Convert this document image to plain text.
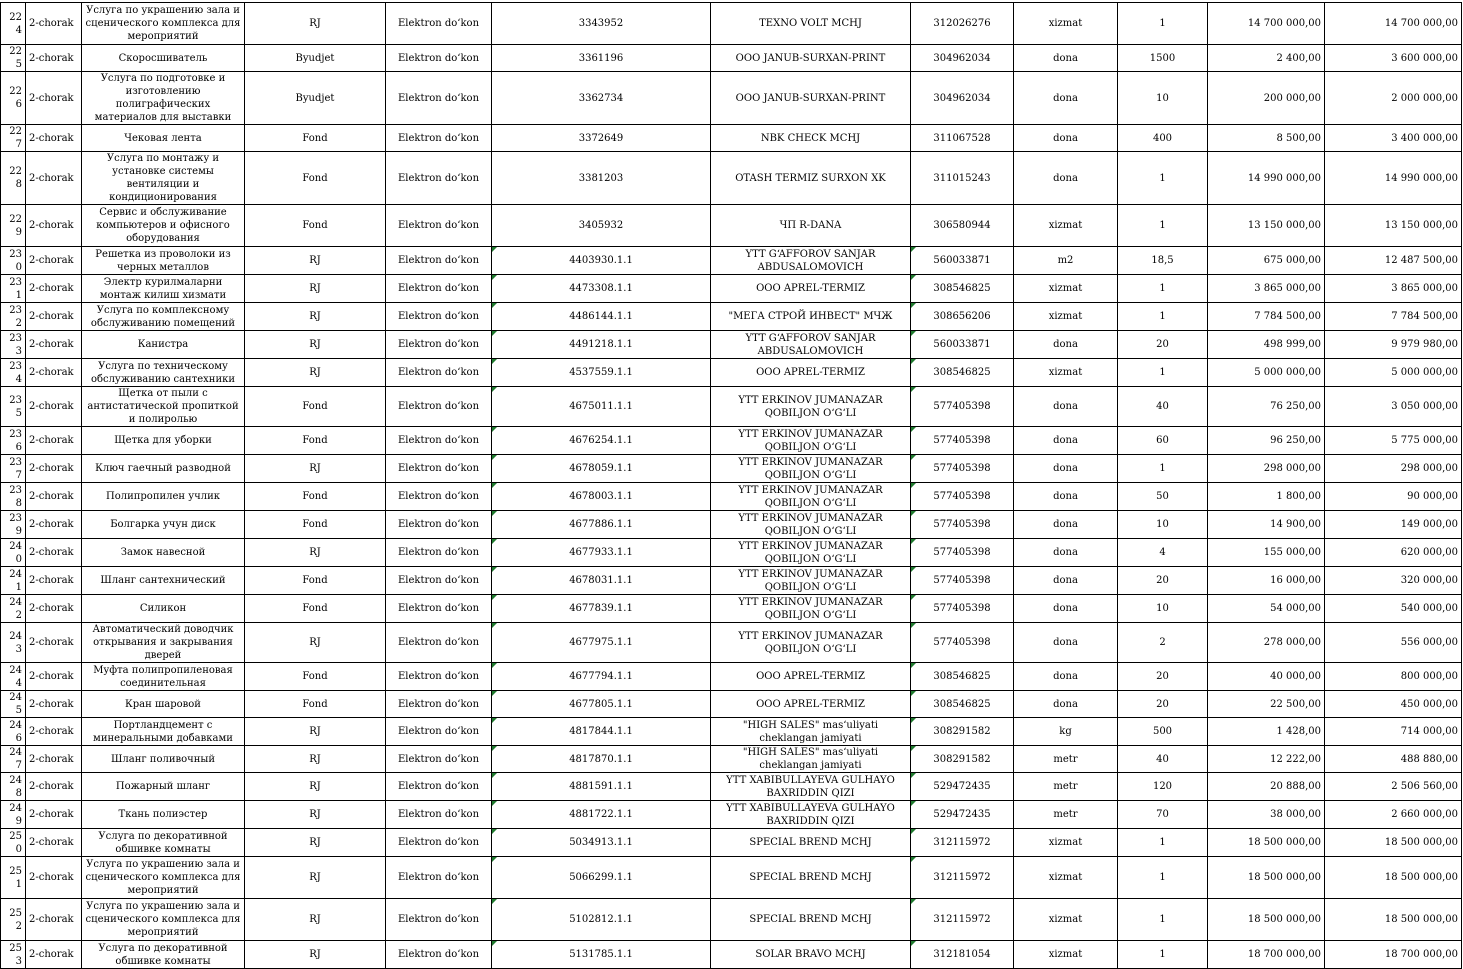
224	2-chorak	Услуга по украшению зала и сценического комплекса для мероприятий	RJ	Elektron do‘kon	3343952	TEXNO VOLT MCHJ	312026276	xizmat	1	14 700 000,00	14 700 000,00
225	2-chorak	Скоросшиватель	Byudjet	Elektron do‘kon	3361196	ООО JANUB-SURXAN-PRINT	304962034	dona	1500	2 400,00	3 600 000,00
226	2-chorak	Услуга по подготовке и изготовлению полиграфических материалов для выставки	Byudjet	Elektron do‘kon	3362734	ООО JANUB-SURXAN-PRINT	304962034	dona	10	200 000,00	2 000 000,00
227	2-chorak	Чековая лента	Fond	Elektron do‘kon	3372649	NBK CHECK MCHJ	311067528	dona	400	8 500,00	3 400 000,00
228	2-chorak	Услуга по монтажу и установке системы вентиляции и кондиционирования	Fond	Elektron do‘kon	3381203	OTASH TERMIZ SURXON XK	311015243	dona	1	14 990 000,00	14 990 000,00
229	2-chorak	Сервис и обслуживание компьютеров и офисного оборудования	Fond	Elektron do‘kon	3405932	ЧП R-DANA	306580944	xizmat	1	13 150 000,00	13 150 000,00
230	2-chorak	Решетка из проволоки из черных металлов	RJ	Elektron do‘kon	4403930.1.1	YTT G‘AFFOROV SANJAR ABDUSALOMOVICH	560033871	m2	18,5	675 000,00	12 487 500,00
231	2-chorak	Электр курилмаларни монтаж килиш хизмати	RJ	Elektron do‘kon	4473308.1.1	ООО APREL-TERMIZ	308546825	xizmat	1	3 865 000,00	3 865 000,00
232	2-chorak	Услуга по комплексному обслуживанию помещений	RJ	Elektron do‘kon	4486144.1.1	"МЕГА СТРОЙ ИНВЕСТ" МЧЖ	308656206	xizmat	1	7 784 500,00	7 784 500,00
233	2-chorak	Канистра	RJ	Elektron do‘kon	4491218.1.1	YTT G‘AFFOROV SANJAR ABDUSALOMOVICH	560033871	dona	20	498 999,00	9 979 980,00
234	2-chorak	Услуга по техническому обслуживанию сантехники	RJ	Elektron do‘kon	4537559.1.1	ООО APREL-TERMIZ	308546825	xizmat	1	5 000 000,00	5 000 000,00
235	2-chorak	Щетка от пыли с антистатической пропиткой и полиролью	Fond	Elektron do‘kon	4675011.1.1	YTT ERKINOV JUMANAZAR QOBILJON O‘G‘LI	577405398	dona	40	76 250,00	3 050 000,00
236	2-chorak	Щетка для уборки	Fond	Elektron do‘kon	4676254.1.1	YTT ERKINOV JUMANAZAR QOBILJON O‘G‘LI	577405398	dona	60	96 250,00	5 775 000,00
237	2-chorak	Ключ гаечный разводной	RJ	Elektron do‘kon	4678059.1.1	YTT ERKINOV JUMANAZAR QOBILJON O‘G‘LI	577405398	dona	1	298 000,00	298 000,00
238	2-chorak	Полипропилен учлик	Fond	Elektron do‘kon	4678003.1.1	YTT ERKINOV JUMANAZAR QOBILJON O‘G‘LI	577405398	dona	50	1 800,00	90 000,00
239	2-chorak	Болгарка учун диск	Fond	Elektron do‘kon	4677886.1.1	YTT ERKINOV JUMANAZAR QOBILJON O‘G‘LI	577405398	dona	10	14 900,00	149 000,00
240	2-chorak	Замок навесной	RJ	Elektron do‘kon	4677933.1.1	YTT ERKINOV JUMANAZAR QOBILJON O‘G‘LI	577405398	dona	4	155 000,00	620 000,00
241	2-chorak	Шланг сантехнический	Fond	Elektron do‘kon	4678031.1.1	YTT ERKINOV JUMANAZAR QOBILJON O‘G‘LI	577405398	dona	20	16 000,00	320 000,00
242	2-chorak	Силикон	Fond	Elektron do‘kon	4677839.1.1	YTT ERKINOV JUMANAZAR QOBILJON O‘G‘LI	577405398	dona	10	54 000,00	540 000,00
243	2-chorak	Автоматический доводчик открывания и закрывания дверей	RJ	Elektron do‘kon	4677975.1.1	YTT ERKINOV JUMANAZAR QOBILJON O‘G‘LI	577405398	dona	2	278 000,00	556 000,00
244	2-chorak	Муфта полипропиленовая соединительная	Fond	Elektron do‘kon	4677794.1.1	ООО APREL-TERMIZ	308546825	dona	20	40 000,00	800 000,00
245	2-chorak	Кран шаровой	Fond	Elektron do‘kon	4677805.1.1	ООО APREL-TERMIZ	308546825	dona	20	22 500,00	450 000,00
246	2-chorak	Портландцемент с минеральными добавками	RJ	Elektron do‘kon	4817844.1.1	"HIGH SALES" mas‘uliyati cheklangan jamiyati	308291582	kg	500	1 428,00	714 000,00
247	2-chorak	Шланг поливочный	RJ	Elektron do‘kon	4817870.1.1	"HIGH SALES" mas‘uliyati cheklangan jamiyati	308291582	metr	40	12 222,00	488 880,00
248	2-chorak	Пожарный шланг	RJ	Elektron do‘kon	4881591.1.1	YTT XABIBULLAYEVA GULHAYO BAXRIDDIN QIZI	529472435	metr	120	20 888,00	2 506 560,00
249	2-chorak	Ткань полиэстер	RJ	Elektron do‘kon	4881722.1.1	YTT XABIBULLAYEVA GULHAYO BAXRIDDIN QIZI	529472435	metr	70	38 000,00	2 660 000,00
250	2-chorak	Услуга по декоративной обшивке комнаты	RJ	Elektron do‘kon	5034913.1.1	SPECIAL BREND MCHJ	312115972	xizmat	1	18 500 000,00	18 500 000,00
251	2-chorak	Услуга по украшению зала и сценического комплекса для мероприятий	RJ	Elektron do‘kon	5066299.1.1	SPECIAL BREND MCHJ	312115972	xizmat	1	18 500 000,00	18 500 000,00
252	2-chorak	Услуга по украшению зала и сценического комплекса для мероприятий	RJ	Elektron do‘kon	5102812.1.1	SPECIAL BREND MCHJ	312115972	xizmat	1	18 500 000,00	18 500 000,00
253	2-chorak	Услуга по декоративной обшивке комнаты	RJ	Elektron do‘kon	5131785.1.1	SOLAR BRAVO MCHJ	312181054	xizmat	1	18 700 000,00	18 700 000,00
